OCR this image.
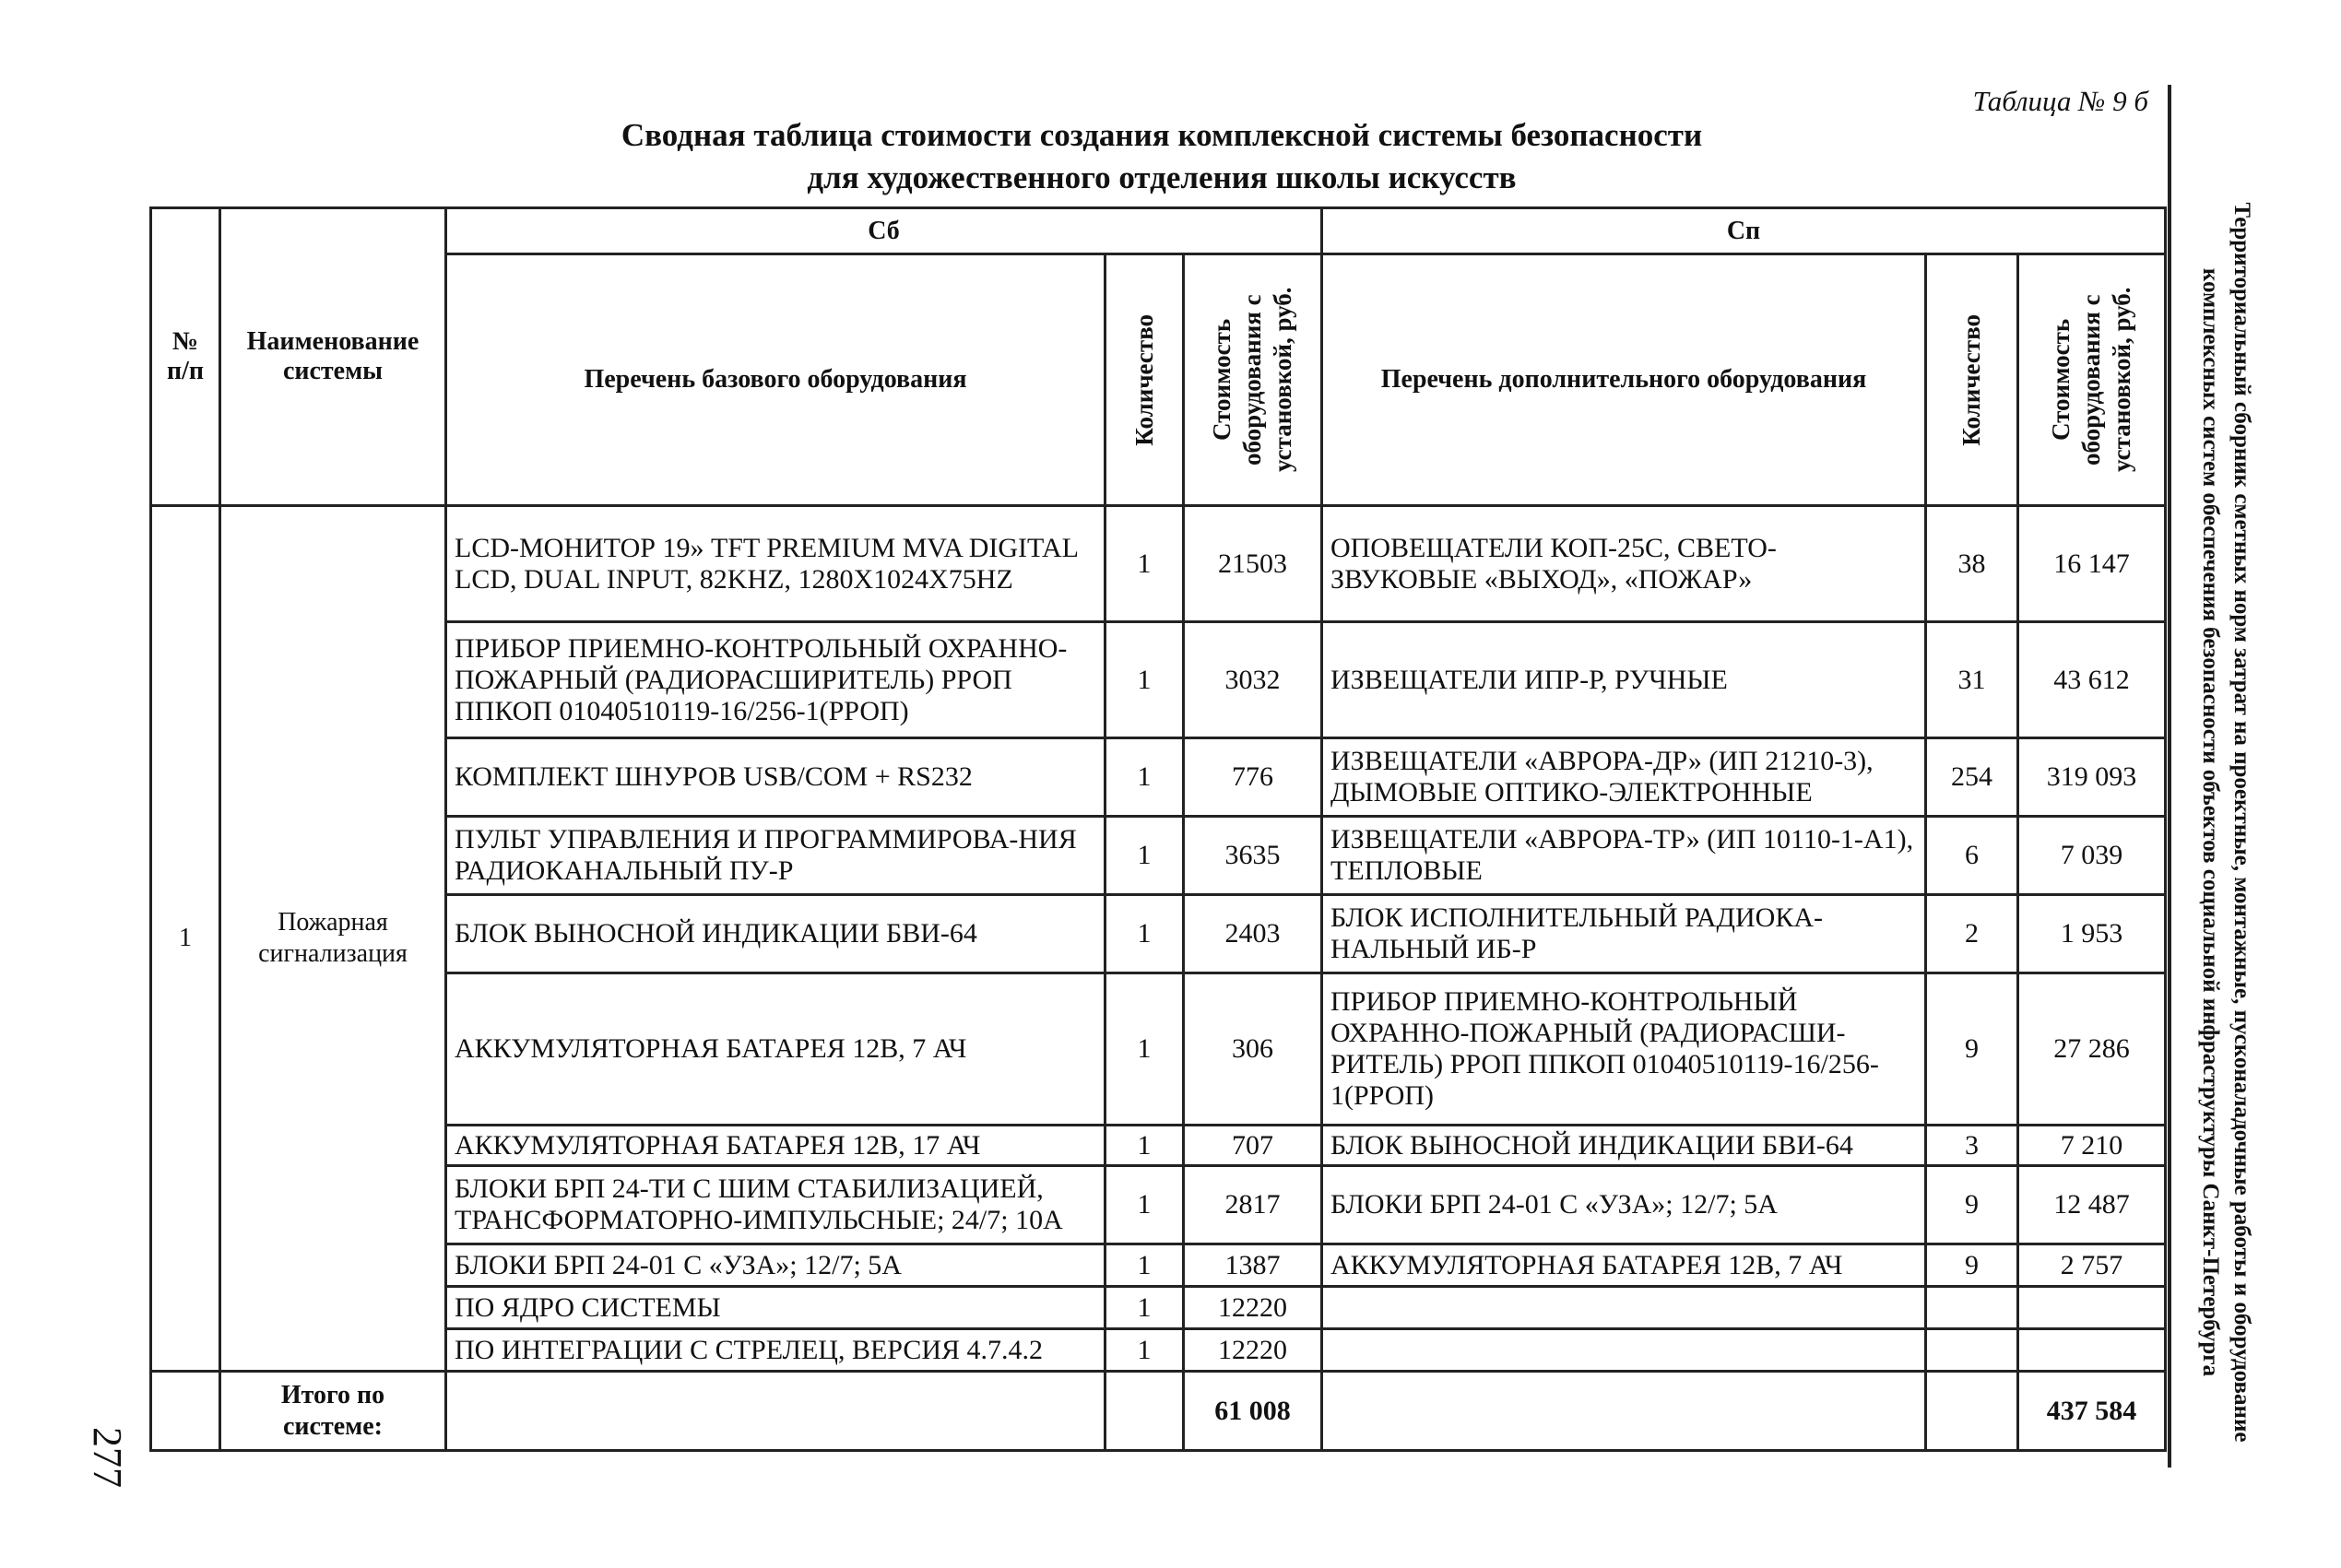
Таблица № 9 б
Сводная таблица стоимости создания комплексной системы безопасности
для художественного отделения школы искусств
Территориальный сборник сметных норм затрат на проектные, монтажные, пусконаладочные работы и оборудование
комплексных систем обеспечения безопасности объектов социальной инфраструктуры Санкт-Петербурга
277
№ п/п	Наименование системы	Сб			Сп		
		Перечень базового оборудования	Количество	Стоимость оборудования с установкой, руб.	Перечень дополнительного оборудования	Количество	Стоимость оборудования с установкой, руб.

1	Пожарная сигнализация	LCD-МОНИТОР 19» TFT PREMIUM MVA DIGITAL LCD, DUAL INPUT, 82KHZ, 1280X1024X75HZ	1	21503	ОПОВЕЩАТЕЛИ КОП-25С, СВЕТО-ЗВУКОВЫЕ «ВЫХОД», «ПОЖАР»	38	16 147
		ПРИБОР ПРИЕМНО-КОНТРОЛЬНЫЙ ОХРАННО-ПОЖАРНЫЙ (РАДИОРАСШИРИТЕЛЬ) РРОП ППКОП 01040510119-16/256-1(РРОП)	1	3032	ИЗВЕЩАТЕЛИ ИПР-Р, РУЧНЫЕ	31	43 612
		КОМПЛЕКТ ШНУРОВ USB/COM + RS232	1	776	ИЗВЕЩАТЕЛИ «АВРОРА-ДР» (ИП 21210-3), ДЫМОВЫЕ ОПТИКО-ЭЛЕКТРОННЫЕ	254	319 093
		ПУЛЬТ УПРАВЛЕНИЯ И ПРОГРАММИРОВА-НИЯ РАДИОКАНАЛЬНЫЙ ПУ-Р	1	3635	ИЗВЕЩАТЕЛИ «АВРОРА-ТР» (ИП 10110-1-А1), ТЕПЛОВЫЕ	6	7 039
		БЛОК ВЫНОСНОЙ ИНДИКАЦИИ БВИ-64	1	2403	БЛОК ИСПОЛНИТЕЛЬНЫЙ РАДИОКА-НАЛЬНЫЙ ИБ-Р	2	1 953
		АККУМУЛЯТОРНАЯ БАТАРЕЯ 12В, 7 АЧ	1	306	ПРИБОР ПРИЕМНО-КОНТРОЛЬНЫЙ ОХРАННО-ПОЖАРНЫЙ (РАДИОРАСШИ-РИТЕЛЬ) РРОП ППКОП 01040510119-16/256-1(РРОП)	9	27 286
		АККУМУЛЯТОРНАЯ БАТАРЕЯ 12В, 17 АЧ	1	707	БЛОК ВЫНОСНОЙ ИНДИКАЦИИ БВИ-64	3	7 210
		БЛОКИ БРП 24-ТИ С ШИМ СТАБИЛИЗАЦИЕЙ, ТРАНСФОРМАТОРНО-ИМПУЛЬСНЫЕ; 24/7; 10А	1	2817	БЛОКИ БРП 24-01 С «УЗА»; 12/7; 5А	9	12 487
		БЛОКИ БРП 24-01 С «УЗА»; 12/7; 5А	1	1387	АККУМУЛЯТОРНАЯ БАТАРЕЯ 12В, 7 АЧ	9	2 757
		ПО ЯДРО СИСТЕМЫ	1	12220			
		ПО ИНТЕГРАЦИИ С СТРЕЛЕЦ, ВЕРСИЯ 4.7.4.2	1	12220			
	Итого по системе:			61 008			437 584
